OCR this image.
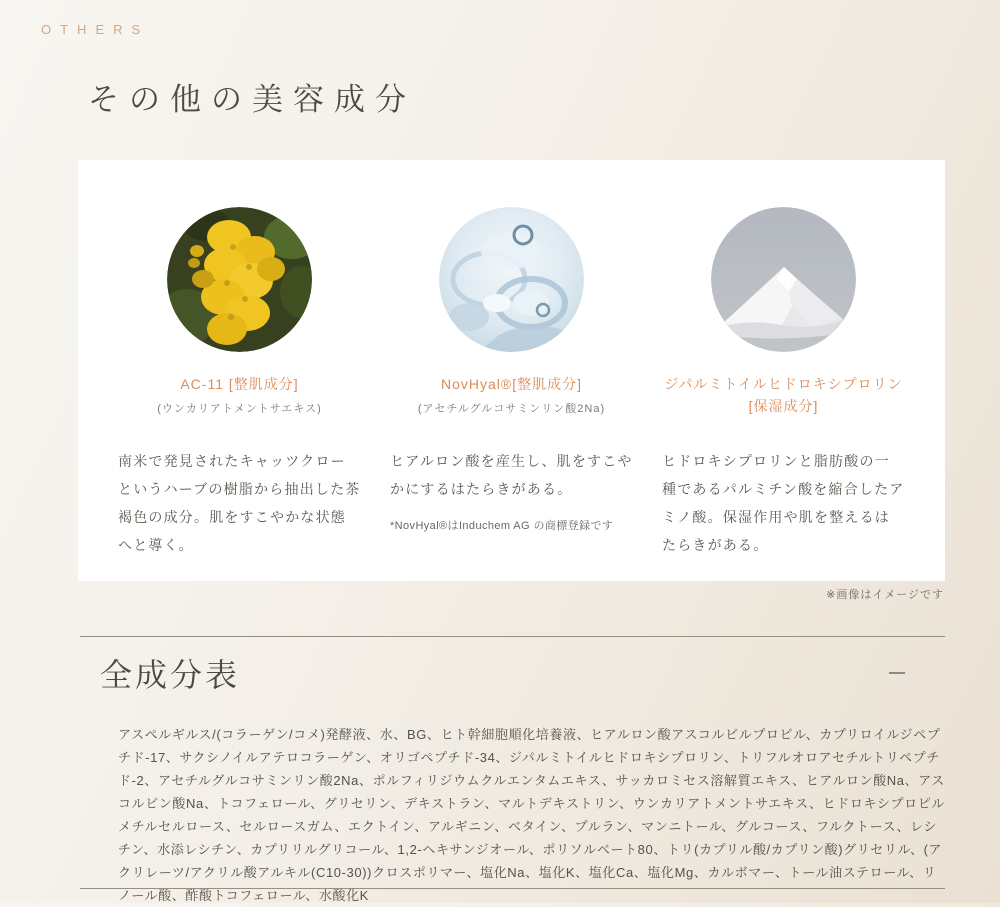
OTHERS
その他の美容成分
AC-11 [整肌成分]
(ウンカリアトメントサエキス)

南米で発見されたキャッツクローというハーブの樹脂から抽出した茶褐色の成分。肌をすこやかな状態へと導く。

NovHyal®[整肌成分]
(アセチルグルコサミンリン酸2Na)

ヒアルロン酸を産生し、肌をすこやかにするはたらきがある。

*NovHyal®はInduchem AG の商標登録です

ジパルミトイルヒドロキシプロリン[保湿成分]

ヒドロキシプロリンと脂肪酸の一種であるパルミチン酸を縮合したアミノ酸。保湿作用や肌を整えるはたらきがある。

※画像はイメージです
全成分表

アスペルギルス/(コラーゲン/コメ)発酵液、水、BG、ヒト幹細胞順化培養液、ヒアルロン酸アスコルビルプロピル、カプリロイルジペプチド-17、サクシノイルアテロコラーゲン、オリゴペプチド-34、ジパルミトイルヒドロキシプロリン、トリフルオロアセチルトリペプチド-2、アセチルグルコサミンリン酸2Na、ポルフィリジウムクルエンタムエキス、サッカロミセス溶解質エキス、ヒアルロン酸Na、アスコルビン酸Na、トコフェロール、グリセリン、デキストラン、マルトデキストリン、ウンカリアトメントサエキス、ヒドロキシプロピルメチルセルロース、セルロースガム、エクトイン、アルギニン、ベタイン、プルラン、マンニトール、グルコース、フルクトース、レシチン、水添レシチン、カプリリルグリコール、1,2-ヘキサンジオール、ポリソルベート80、トリ(カプリル酸/カプリン酸)グリセリル、(アクリレーツ/アクリル酸アルキル(C10-30))クロスポリマー、塩化Na、塩化K、塩化Ca、塩化Mg、カルボマー、トール油ステロール、リノール酸、酢酸トコフェロール、水酸化K
